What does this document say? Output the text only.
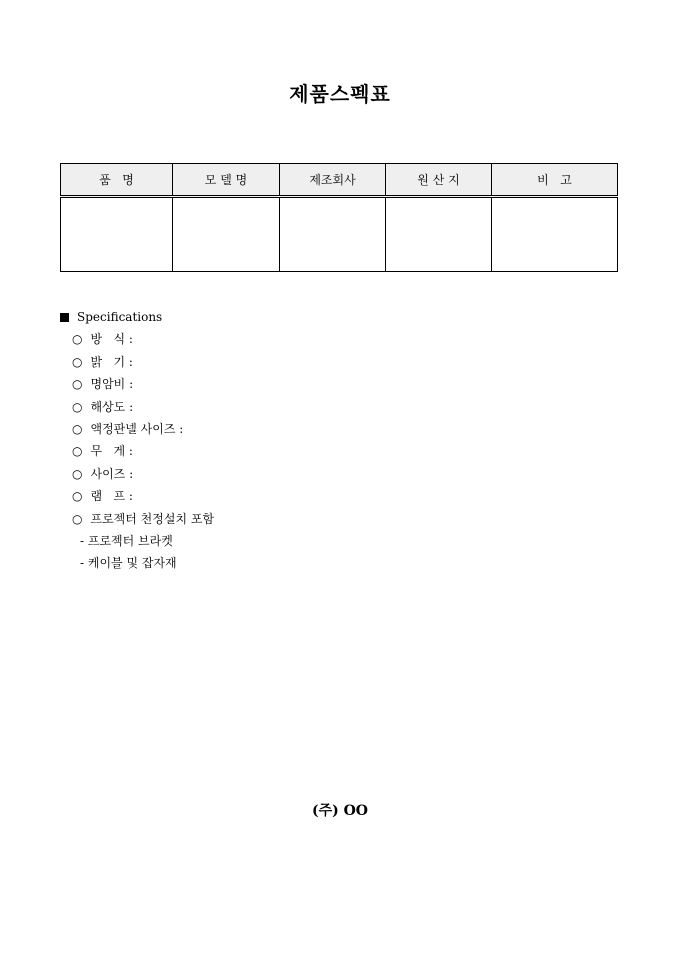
제품스펙표
품   명	모 델 명	제조회사	원 산 지	비   고

Specifications
○ 방   식 :
○ 밝   기 :
○ 명암비 :
○ 해상도 :
○ 액정판넬 사이즈 :
○ 무   게 :
○ 사이즈 :
○ 램   프 :
○ 프로젝터 천정설치 포함
- 프로젝터 브라켓
- 케이블 및 잡자재
(주) OO
